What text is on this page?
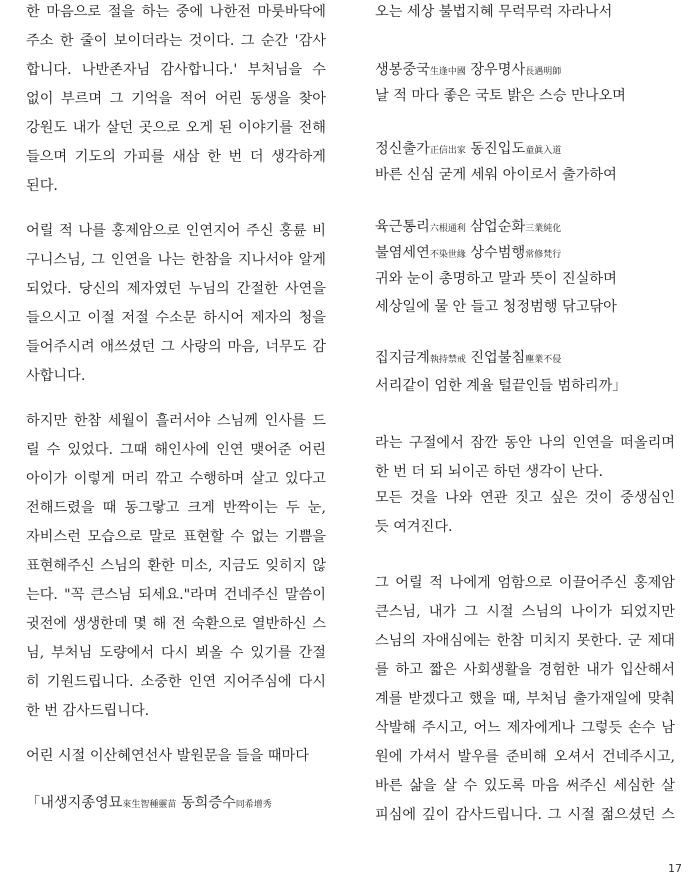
한 마음으로 절을 하는 중에 나한전 마룻바닥에
주소 한 줄이 보이더라는 것이다. 그 순간 '감사
합니다. 나반존자님 감사합니다.' 부처님을 수
없이 부르며 그 기억을 적어 어린 동생을 찾아
강원도 내가 살던 곳으로 오게 된 이야기를 전해
들으며 기도의 가피를 새삼 한 번 더 생각하게
된다.
어릴 적 나를 홍제암으로 인연지어 주신 홍륜 비
구니스님, 그 인연을 나는 한참을 지나서야 알게
되었다. 당신의 제자였던 누님의 간절한 사연을
들으시고 이절 저절 수소문 하시어 제자의 청을
들어주시려 애쓰셨던 그 사랑의 마음, 너무도 감
사합니다.
하지만 한참 세월이 흘러서야 스님께 인사를 드
릴 수 있었다. 그때 해인사에 인연 맺어준 어린
아이가 이렇게 머리 깎고 수행하며 살고 있다고
전해드렸을 때 동그랗고 크게 반짝이는 두 눈,
자비스런 모습으로 말로 표현할 수 없는 기쁨을
표현해주신 스님의 환한 미소, 지금도 잊히지 않
는다. "꼭 큰스님 되세요."라며 건네주신 말씀이
귓전에 생생한데 몇 해 전 숙환으로 열반하신 스
님, 부처님 도량에서 다시 뵈올 수 있기를 간절
히 기원드립니다. 소중한 인연 지어주심에 다시
한 번 감사드립니다.
어린 시절 이산혜연선사 발원문을 들을 때마다
「내생지종영묘來生智種靈苗 동희증수同希增秀
오는 세상 불법지혜 무럭무럭 자라나서
생봉중국生逢中國 장우명사長遇明師
날 적 마다 좋은 국토 밝은 스승 만나오며
정신출가正信出家 동진입도童眞入道
바른 신심 굳게 세워 아이로서 출가하여
육근통리六根通利 삼업순화三業純化
불염세연不染世緣 상수범행常修梵行
귀와 눈이 총명하고 말과 뜻이 진실하며
세상일에 물 안 들고 청정범행 닦고닦아
집지금계執持禁戒 진업불침塵業不侵
서리같이 엄한 계율 털끝인들 범하리까」
라는 구절에서 잠깐 동안 나의 인연을 떠올리며
한 번 더 되 뇌이곤 하던 생각이 난다.
모든 것을 나와 연관 짓고 싶은 것이 중생심인
듯 여겨진다.
그 어릴 적 나에게 엄함으로 이끌어주신 홍제암
큰스님, 내가 그 시절 스님의 나이가 되었지만
스님의 자애심에는 한참 미치지 못한다. 군 제대
를 하고 짧은 사회생활을 경험한 내가 입산해서
계를 받겠다고 했을 때, 부처님 출가재일에 맞춰
삭발해 주시고, 어느 제자에게나 그렇듯 손수 남
원에 가셔서 발우를 준비해 오셔서 건네주시고,
바른 삶을 살 수 있도록 마음 써주신 세심한 살
피심에 깊이 감사드립니다. 그 시절 젊으셨던 스
17
